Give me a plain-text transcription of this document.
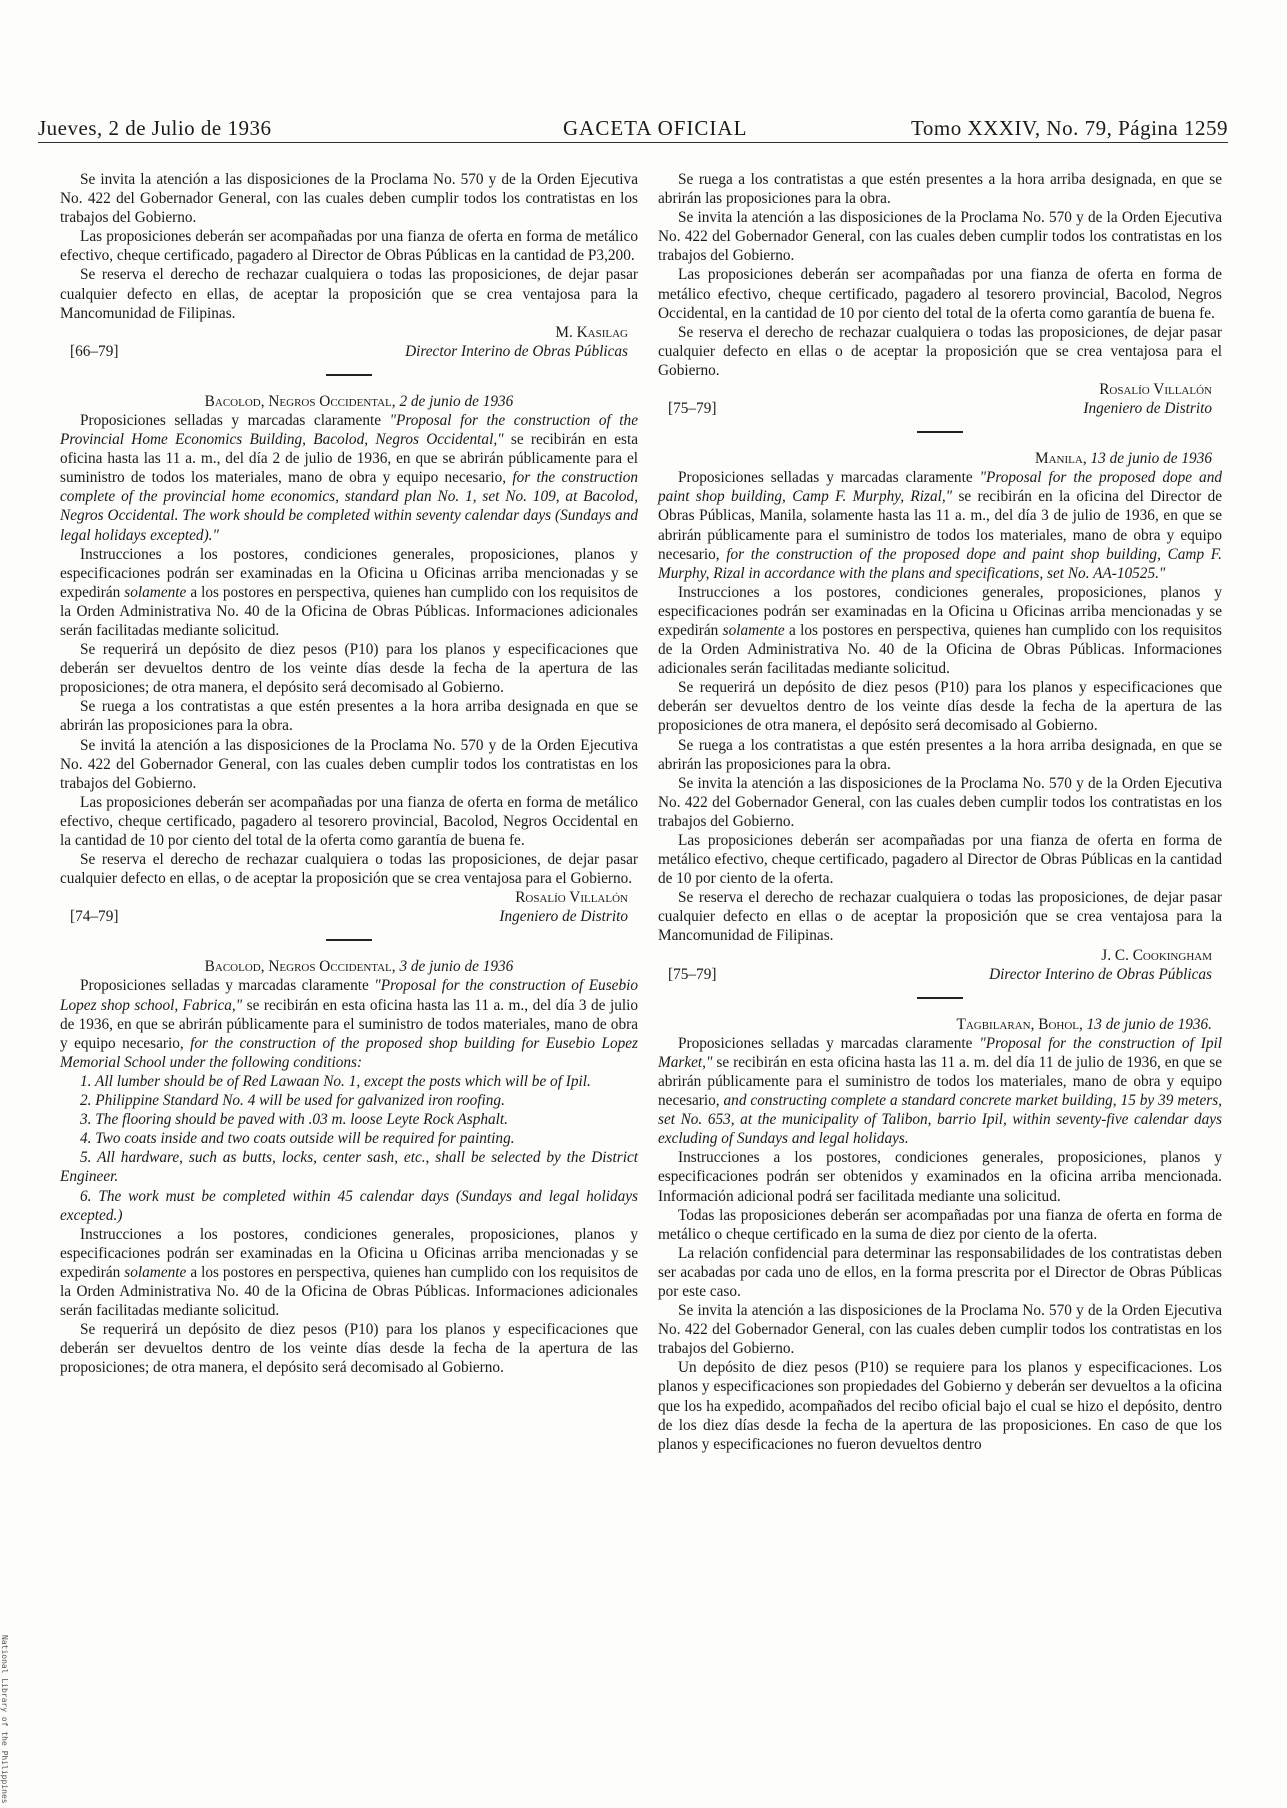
Jueves, 2 de Julio de 1936	GACETA OFICIAL	Tomo XXXIV, No. 79, Página 1259

Se invita la atención a las disposiciones de la Proclama No. 570 y de la Orden Ejecutiva No. 422 del Gobernador General, con las cuales deben cumplir todos los contratistas en los trabajos del Gobierno.

Las proposiciones deberán ser acompañadas por una fianza de oferta en forma de metálico efectivo, cheque certificado, pagadero al Director de Obras Públicas en la cantidad de P3,200.

Se reserva el derecho de rechazar cualquiera o todas las proposiciones, de dejar pasar cualquier defecto en ellas, de aceptar la proposición que se crea ventajosa para la Mancomunidad de Filipinas.

M. Kasilag

[66–79]	Director Interino de Obras Públicas

Bacolod, Negros Occidental, 2 de junio de 1936

Proposiciones selladas y marcadas claramente "Proposal for the construction of the Provincial Home Economics Building, Bacolod, Negros Occidental," se recibirán en esta oficina hasta las 11 a. m., del día 2 de julio de 1936, en que se abrirán públicamente para el suministro de todos los materiales, mano de obra y equipo necesario, for the construction complete of the provincial home economics, standard plan No. 1, set No. 109, at Bacolod, Negros Occidental. The work should be completed within seventy calendar days (Sundays and legal holidays excepted)."

Instrucciones a los postores, condiciones generales, proposiciones, planos y especificaciones podrán ser examinadas en la Oficina u Oficinas arriba mencionadas y se expedirán solamente a los postores en perspectiva, quienes han cumplido con los requisitos de la Orden Administrativa No. 40 de la Oficina de Obras Públicas. Informaciones adicionales serán facilitadas mediante solicitud.

Se requerirá un depósito de diez pesos (P10) para los planos y especificaciones que deberán ser devueltos dentro de los veinte días desde la fecha de la apertura de las proposiciones; de otra manera, el depósito será decomisado al Gobierno.

Se ruega a los contratistas a que estén presentes a la hora arriba designada en que se abrirán las proposiciones para la obra.

Se invitá la atención a las disposiciones de la Proclama No. 570 y de la Orden Ejecutiva No. 422 del Gobernador General, con las cuales deben cumplir todos los contratistas en los trabajos del Gobierno.

Las proposiciones deberán ser acompañadas por una fianza de oferta en forma de metálico efectivo, cheque certificado, pagadero al tesorero provincial, Bacolod, Negros Occidental en la cantidad de 10 por ciento del total de la oferta como garantía de buena fe.

Se reserva el derecho de rechazar cualquiera o todas las proposiciones, de dejar pasar cualquier defecto en ellas, o de aceptar la proposición que se crea ventajosa para el Gobierno.

Rosalío Villalón

[74–79]	Ingeniero de Distrito

Bacolod, Negros Occidental, 3 de junio de 1936

Proposiciones selladas y marcadas claramente "Proposal for the construction of Eusebio Lopez shop school, Fabrica," se recibirán en esta oficina hasta las 11 a. m., del día 3 de julio de 1936, en que se abrirán públicamente para el suministro de todos materiales, mano de obra y equipo necesario, for the construction of the proposed shop building for Eusebio Lopez Memorial School under the following conditions:

1. All lumber should be of Red Lawaan No. 1, except the posts which will be of Ipil.

2. Philippine Standard No. 4 will be used for galvanized iron roofing.

3. The flooring should be paved with .03 m. loose Leyte Rock Asphalt.

4. Two coats inside and two coats outside will be required for painting.

5. All hardware, such as butts, locks, center sash, etc., shall be selected by the District Engineer.

6. The work must be completed within 45 calendar days (Sundays and legal holidays excepted.)

Instrucciones a los postores, condiciones generales, proposiciones, planos y especificaciones podrán ser examinadas en la Oficina u Oficinas arriba mencionadas y se expedirán solamente a los postores en perspectiva, quienes han cumplido con los requisitos de la Orden Administrativa No. 40 de la Oficina de Obras Públicas. Informaciones adicionales serán facilitadas mediante solicitud.

Se requerirá un depósito de diez pesos (P10) para los planos y especificaciones que deberán ser devueltos dentro de los veinte días desde la fecha de la apertura de las proposiciones; de otra manera, el depósito será decomisado al Gobierno.

Se ruega a los contratistas a que estén presentes a la hora arriba designada, en que se abrirán las proposiciones para la obra.

Se invita la atención a las disposiciones de la Proclama No. 570 y de la Orden Ejecutiva No. 422 del Gobernador General, con las cuales deben cumplir todos los contratistas en los trabajos del Gobierno.

Las proposiciones deberán ser acompañadas por una fianza de oferta en forma de metálico efectivo, cheque certificado, pagadero al tesorero provincial, Bacolod, Negros Occidental, en la cantidad de 10 por ciento del total de la oferta como garantía de buena fe.

Se reserva el derecho de rechazar cualquiera o todas las proposiciones, de dejar pasar cualquier defecto en ellas o de aceptar la proposición que se crea ventajosa para el Gobierno.

Rosalío Villalón

[75–79]	Ingeniero de Distrito

Manila, 13 de junio de 1936

Proposiciones selladas y marcadas claramente "Proposal for the proposed dope and paint shop building, Camp F. Murphy, Rizal," se recibirán en la oficina del Director de Obras Públicas, Manila, solamente hasta las 11 a. m., del día 3 de julio de 1936, en que se abrirán públicamente para el suministro de todos los materiales, mano de obra y equipo necesario, for the construction of the proposed dope and paint shop building, Camp F. Murphy, Rizal in accordance with the plans and specifications, set No. AA-10525."

Instrucciones a los postores, condiciones generales, proposiciones, planos y especificaciones podrán ser examinadas en la Oficina u Oficinas arriba mencionadas y se expedirán solamente a los postores en perspectiva, quienes han cumplido con los requisitos de la Orden Administrativa No. 40 de la Oficina de Obras Públicas. Informaciones adicionales serán facilitadas mediante solicitud.

Se requerirá un depósito de diez pesos (P10) para los planos y especificaciones que deberán ser devueltos dentro de los veinte días desde la fecha de la apertura de las proposiciones de otra manera, el depósito será decomisado al Gobierno.

Se ruega a los contratistas a que estén presentes a la hora arriba designada, en que se abrirán las proposiciones para la obra.

Se invita la atención a las disposiciones de la Proclama No. 570 y de la Orden Ejecutiva No. 422 del Gobernador General, con las cuales deben cumplir todos los contratistas en los trabajos del Gobierno.

Las proposiciones deberán ser acompañadas por una fianza de oferta en forma de metálico efectivo, cheque certificado, pagadero al Director de Obras Públicas en la cantidad de 10 por ciento de la oferta.

Se reserva el derecho de rechazar cualquiera o todas las proposiciones, de dejar pasar cualquier defecto en ellas o de aceptar la proposición que se crea ventajosa para la Mancomunidad de Filipinas.

J. C. Cookingham

[75–79]	Director Interino de Obras Públicas

Tagbilaran, Bohol, 13 de junio de 1936.

Proposiciones selladas y marcadas claramente "Proposal for the construction of Ipil Market," se recibirán en esta oficina hasta las 11 a. m. del día 11 de julio de 1936, en que se abrirán públicamente para el suministro de todos los materiales, mano de obra y equipo necesario, and constructing complete a standard concrete market building, 15 by 39 meters, set No. 653, at the municipality of Talibon, barrio Ipil, within seventy-five calendar days excluding of Sundays and legal holidays.

Instrucciones a los postores, condiciones generales, proposiciones, planos y especificaciones podrán ser obtenidos y examinados en la oficina arriba mencionada. Información adicional podrá ser facilitada mediante una solicitud.

Todas las proposiciones deberán ser acompañadas por una fianza de oferta en forma de metálico o cheque certificado en la suma de diez por ciento de la oferta.

La relación confidencial para determinar las responsabilidades de los contratistas deben ser acabadas por cada uno de ellos, en la forma prescrita por el Director de Obras Públicas por este caso.

Se invita la atención a las disposiciones de la Proclama No. 570 y de la Orden Ejecutiva No. 422 del Gobernador General, con las cuales deben cumplir todos los contratistas en los trabajos del Gobierno.

Un depósito de diez pesos (P10) se requiere para los planos y especificaciones. Los planos y especificaciones son propiedades del Gobierno y deberán ser devueltos a la oficina que los ha expedido, acompañados del recibo oficial bajo el cual se hizo el depósito, dentro de los diez días desde la fecha de la apertura de las proposiciones. En caso de que los planos y especificaciones no fueron devueltos dentro

National Library of the Philippines
